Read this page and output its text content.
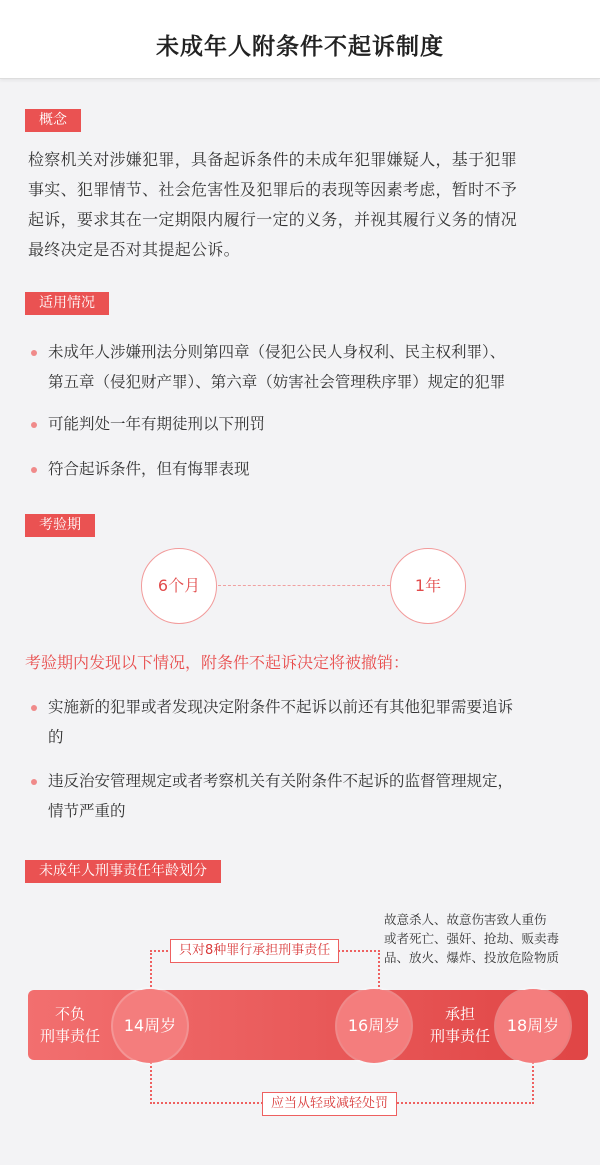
未成年人附条件不起诉制度
概念
检察机关对涉嫌犯罪，具备起诉条件的未成年犯罪嫌疑人，基于犯罪
事实、犯罪情节、社会危害性及犯罪后的表现等因素考虑，暂时不予
起诉，要求其在一定期限内履行一定的义务，并视其履行义务的情况
最终决定是否对其提起公诉。
适用情况
未成年人涉嫌刑法分则第四章（侵犯公民人身权利、民主权利罪）、
第五章（侵犯财产罪）、第六章（妨害社会管理秩序罪）规定的犯罪
可能判处一年有期徒刑以下刑罚
符合起诉条件，但有悔罪表现
考验期
6个月	1年
考验期内发现以下情况，附条件不起诉决定将被撤销：
实施新的犯罪或者发现决定附条件不起诉以前还有其他犯罪需要追诉
的
违反治安管理规定或者考察机关有关附条件不起诉的监督管理规定，
情节严重的
未成年人刑事责任年龄划分
故意杀人、故意伤害致人重伤
或者死亡、强奸、抢劫、贩卖毒
品、放火、爆炸、投放危险物质
不负
刑事责任
承担
刑事责任
14周岁	16周岁	18周岁
只对8种罪行承担刑事责任
应当从轻或减轻处罚
